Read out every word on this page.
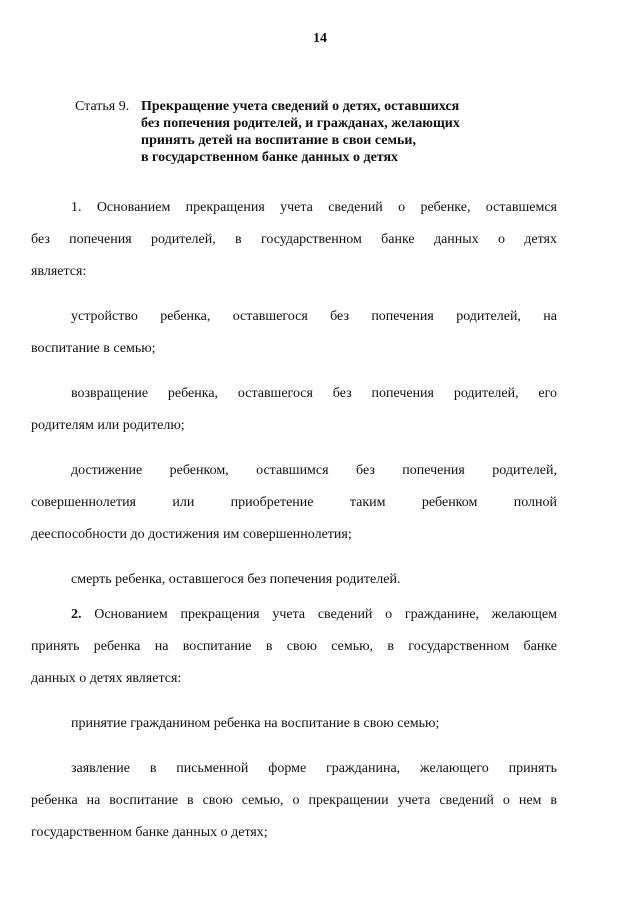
14
Статья 9. Прекращение учета сведений о детях, оставшихся
без попечения родителей, и гражданах, желающих
принять детей на воспитание в свои семьи,
в государственном банке данных о детях
1. Основанием прекращения учета сведений о ребенке, оставшемся
без попечения родителей, в государственном банке данных о детях
является:
устройство ребенка, оставшегося без попечения родителей, на
воспитание в семью;
возвращение ребенка, оставшегося без попечения родителей, его
родителям или родителю;
достижение ребенком, оставшимся без попечения родителей,
совершеннолетия или приобретение таким ребенком полной
дееспособности до достижения им совершеннолетия;
смерть ребенка, оставшегося без попечения родителей.
2. Основанием прекращения учета сведений о гражданине, желающем
принять ребенка на воспитание в свою семью, в государственном банке
данных о детях является:
принятие гражданином ребенка на воспитание в свою семью;
заявление в письменной форме гражданина, желающего принять
ребенка на воспитание в свою семью, о прекращении учета сведений о нем в
государственном банке данных о детях;
